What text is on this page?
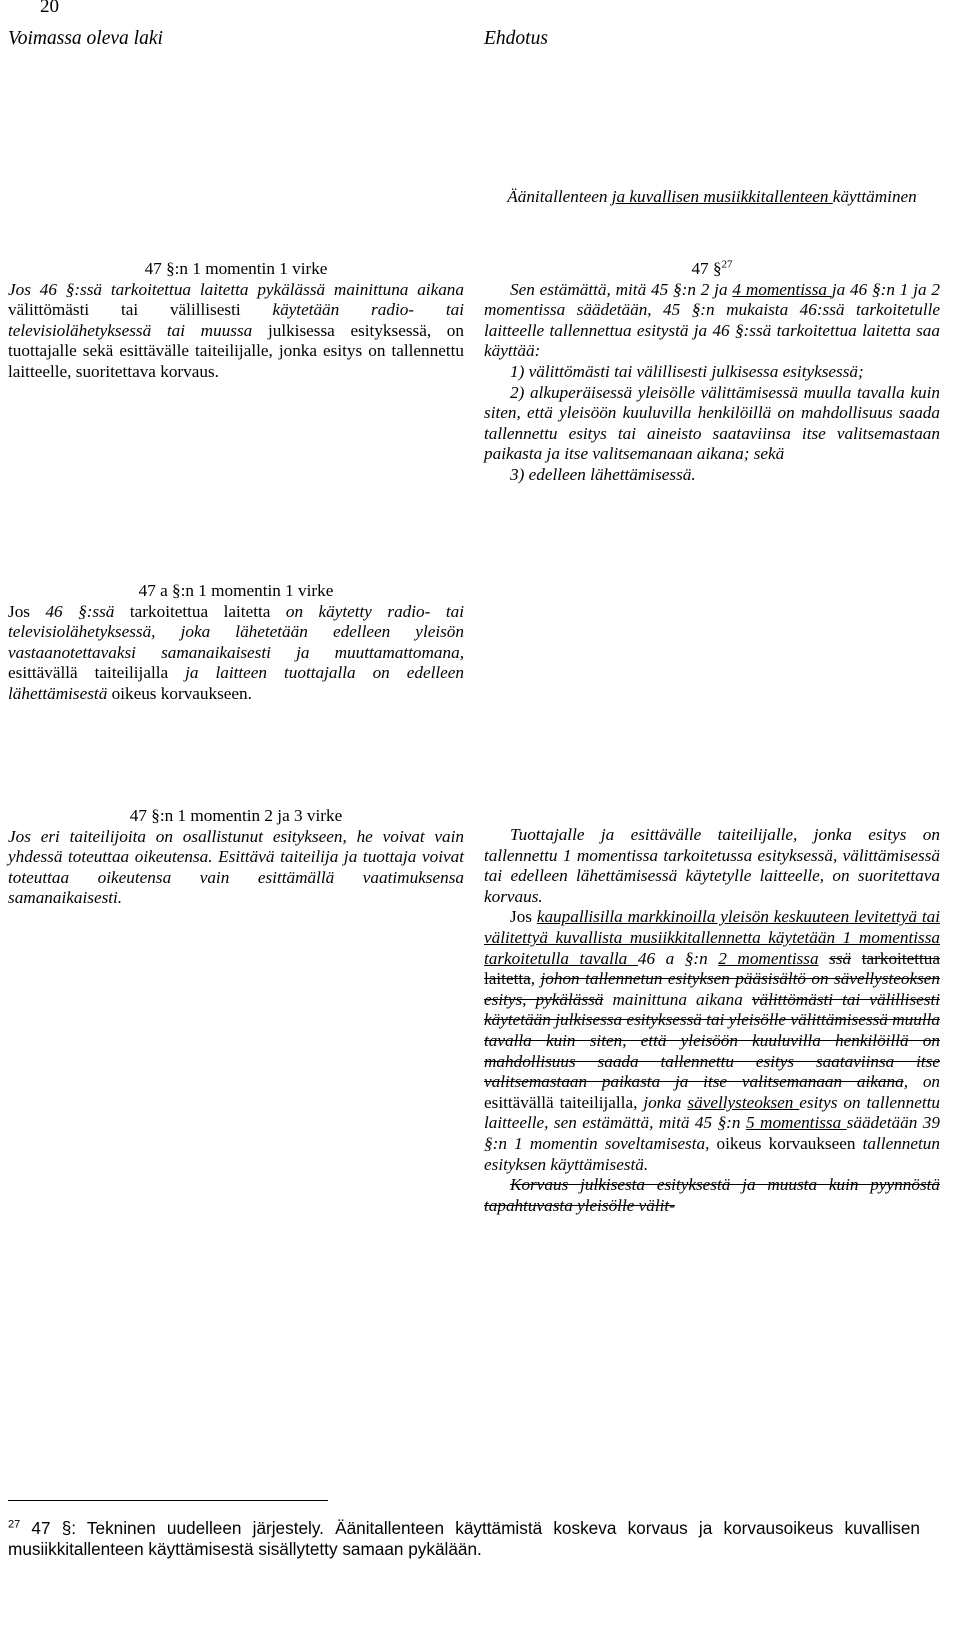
20
Voimassa oleva laki	Ehdotus

47 §:n 1 momentin 1 virke

Jos 46 §:ssä tarkoitettua laitetta pykälässä mainittuna aikana välittömästi tai välillisesti käytetään radio- tai televisiolähetyksessä tai muussa julkisessa esityksessä, on tuottajalle sekä esittävälle taiteilijalle, jonka esitys on tallennettu laitteelle, suoritettava korvaus.

47 a §:n 1 momentin 1 virke

Jos 46 §:ssä tarkoitettua laitetta on käytetty radio- tai televisiolähetyksessä, joka lähetetään edelleen yleisön vastaanotettavaksi samanaikaisesti ja muuttamattomana, esittävällä taiteilijalla ja laitteen tuottajalla on edelleen lähettämisestä oikeus korvaukseen.

47 §:n 1 momentin 2 ja 3 virke

Jos eri taiteilijoita on osallistunut esitykseen, he voivat vain yhdessä toteuttaa oikeutensa. Esittävä taiteilija ja tuottaja voivat toteuttaa oikeutensa vain esittämällä vaatimuksensa samanaikaisesti.

Äänitallenteen ja kuvallisen musiikkitallenteen käyttäminen

47 §$^{27}$

Sen estämättä, mitä 45 §:n 2 ja 4 momentissa ja 46 §:n 1 ja 2 momentissa säädetään, 45 §:n mukaista 46:ssä tarkoitetulle laitteelle tallennettua esitystä ja 46 §:ssä tarkoitettua laitetta saa käyttää:

1) välittömästi tai välillisesti julkisessa esityksessä;

2) alkuperäisessä yleisölle välittämisessä muulla tavalla kuin siten, että yleisöön kuuluvilla henkilöillä on mahdollisuus saada tallennettu esitys tai aineisto saataviinsa itse valitsemastaan paikasta ja itse valitsemanaan aikana; sekä

3) edelleen lähettämisessä.

Tuottajalle ja esittävälle taiteilijalle, jonka esitys on tallennettu 1 momentissa tarkoitetussa esityksessä, välittämisessä tai edelleen lähettämisessä käytetylle laitteelle, on suoritettava korvaus.

Jos kaupallisilla markkinoilla yleisön keskuuteen levitettyä tai välitettyä kuvallista musiikkitallennetta käytetään 1 momentissa tarkoitetulla tavalla 46 a §:n 2 momentissa ssä tarkoitettua laitetta, johon tallennetun esityksen pääsisältö on sävellysteoksen esitys, pykälässä mainittuna aikana välittömästi tai välillisesti käytetään julkisessa esityksessä tai yleisölle välittämisessä muulla tavalla kuin siten, että yleisöön kuuluvilla henkilöillä on mahdollisuus saada tallennettu esitys saataviinsa itse valitsemastaan paikasta ja itse valitsemanaan aikana, on esittävällä taiteilijalla, jonka sävellysteoksen esitys on tallennettu laitteelle, sen estämättä, mitä 45 §:n 5 momentissa säädetään 39 §:n 1 momentin soveltamisesta, oikeus korvaukseen tallennetun esityksen käyttämisestä.

Korvaus julkisesta esityksestä ja muusta kuin pyynnöstä tapahtuvasta yleisölle välit-

$^{27}$ 47 §: Tekninen uudelleen järjestely. Äänitallenteen käyttämistä koskeva korvaus ja korvausoikeus kuvallisen musiikkitallenteen käyttämisestä sisällytetty samaan pykälään.
